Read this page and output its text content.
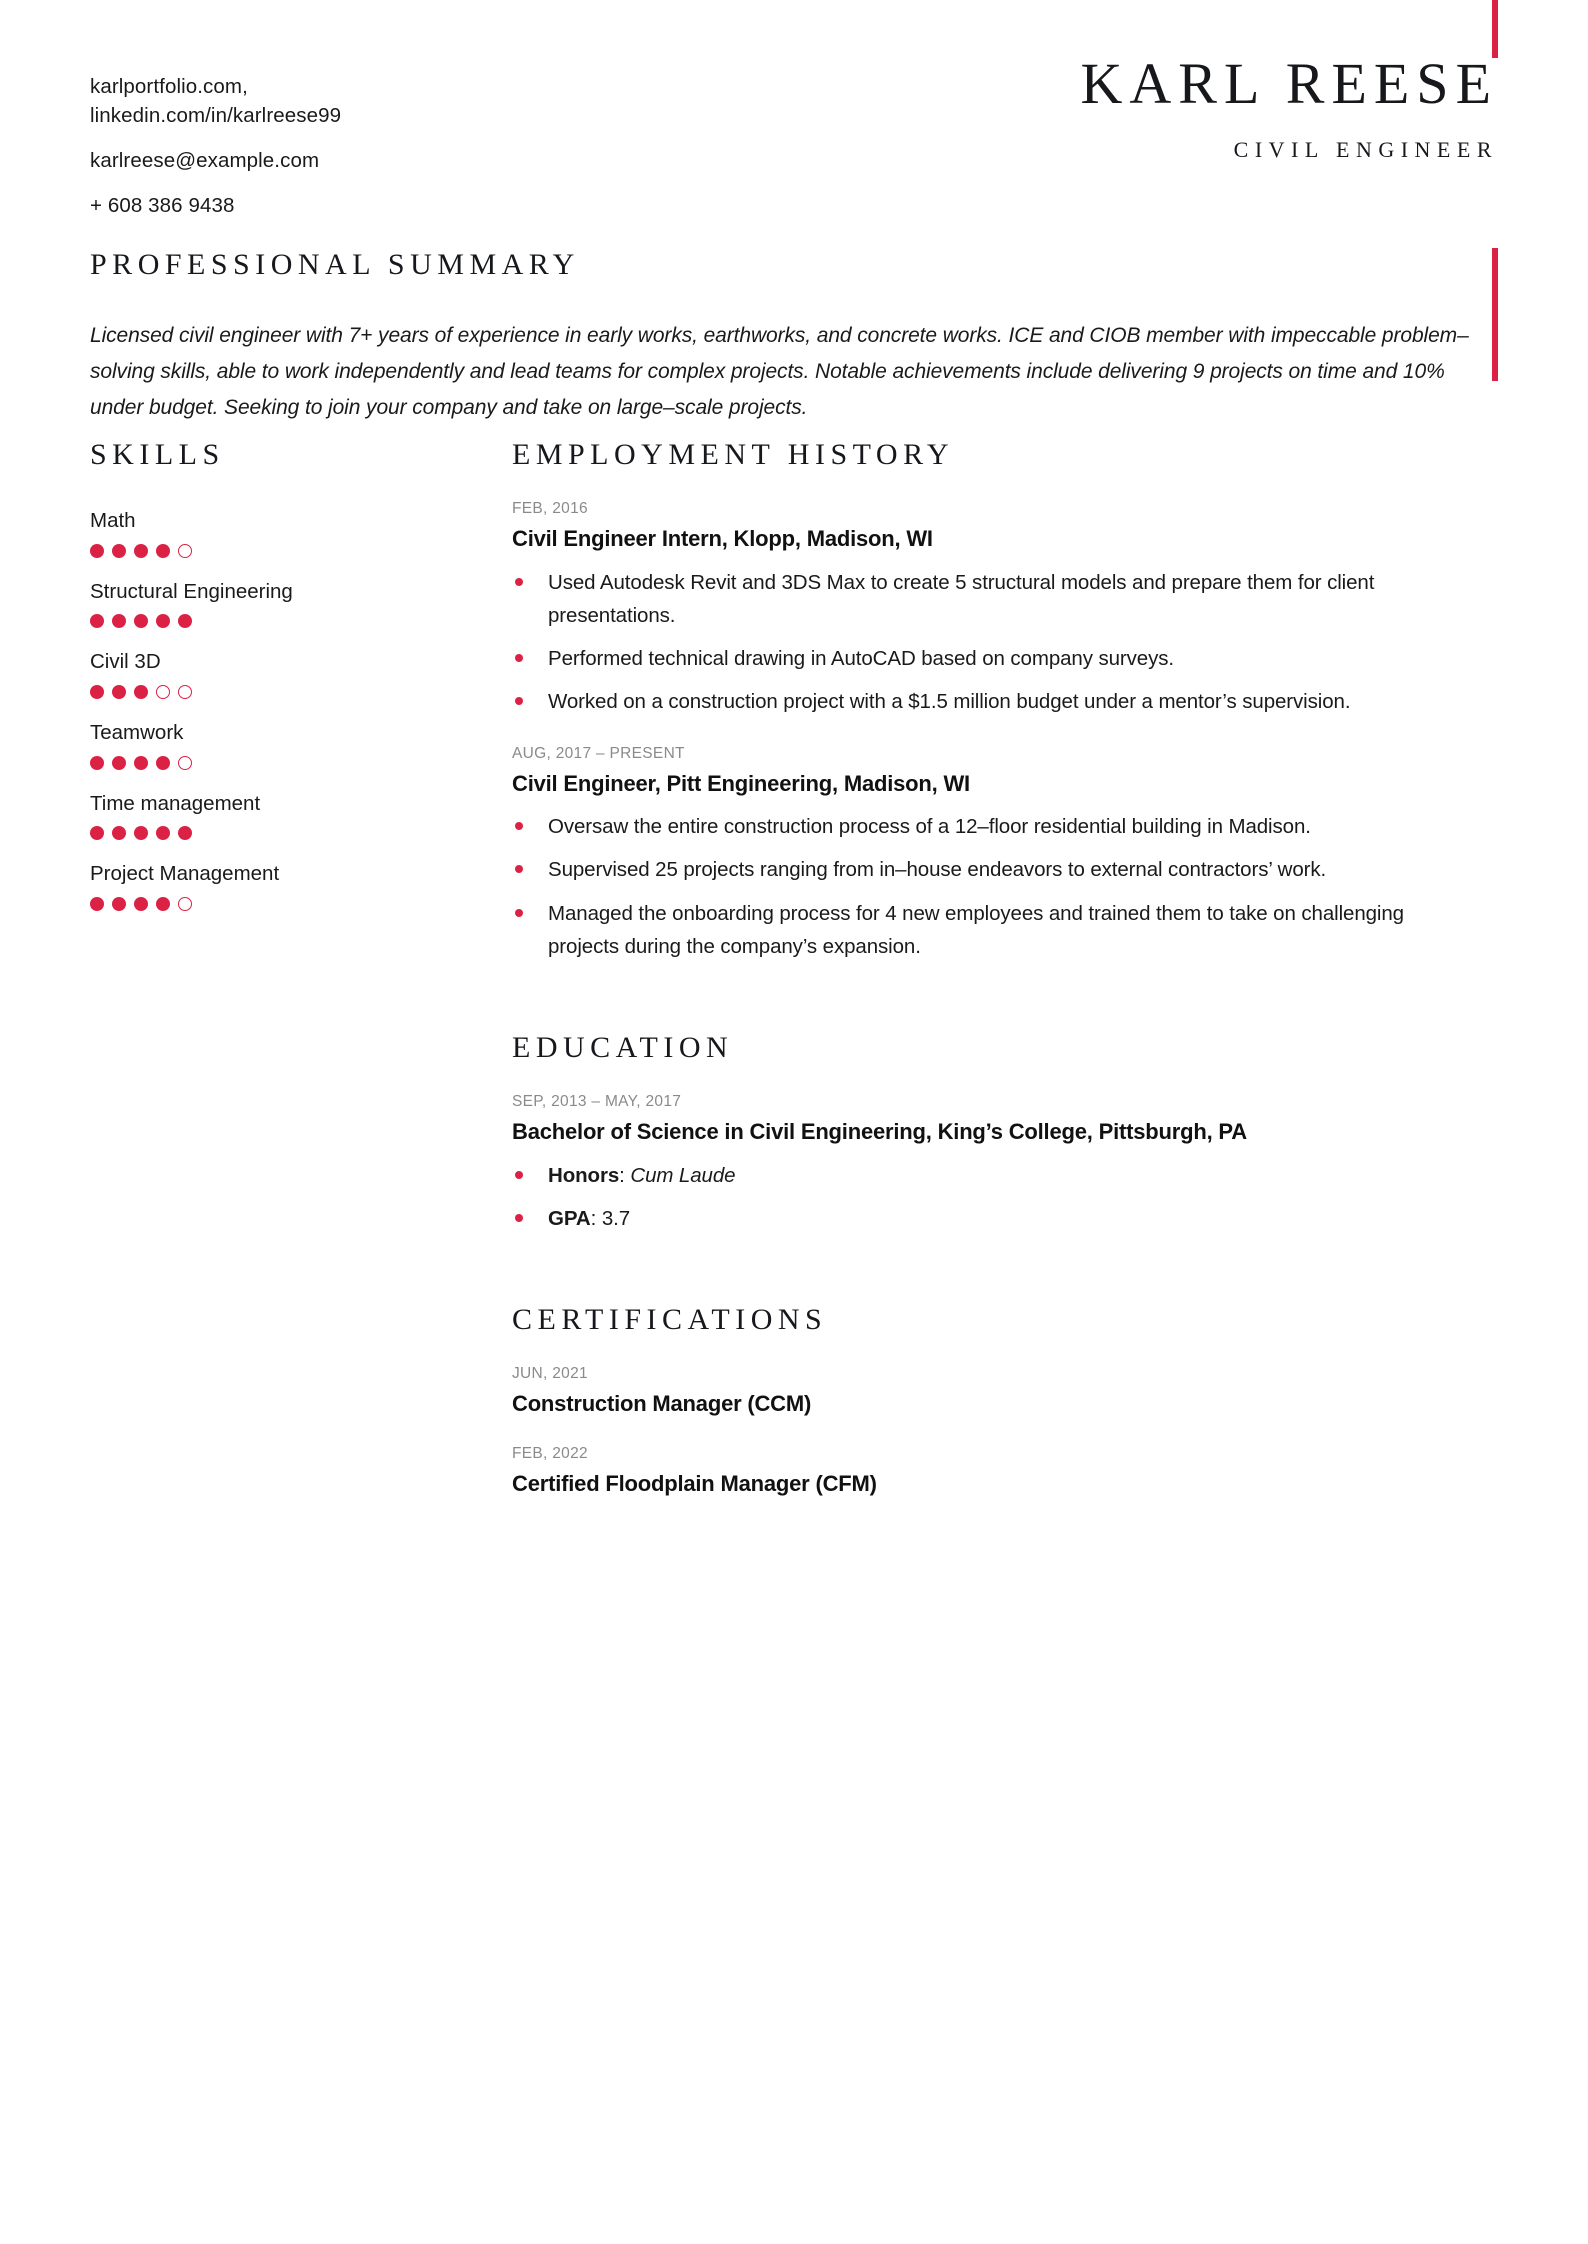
karlportfolio.com,
linkedin.com/in/karlreese99
karlreese@example.com
+ 608 386 9438
KARL REESE
CIVIL ENGINEER
PROFESSIONAL SUMMARY
Licensed civil engineer with 7+ years of experience in early works, earthworks, and concrete works. ICE and CIOB member with impeccable problem–solving skills, able to work independently and lead teams for complex projects. Notable achievements include delivering 9 projects on time and 10% under budget. Seeking to join your company and take on large–scale projects.
SKILLS
Math
Structural Engineering
Civil 3D
Teamwork
Time management
Project Management
EMPLOYMENT HISTORY
FEB, 2016
Civil Engineer Intern, Klopp, Madison, WI
Used Autodesk Revit and 3DS Max to create 5 structural models and prepare them for client presentations.
Performed technical drawing in AutoCAD based on company surveys.
Worked on a construction project with a $1.5 million budget under a mentor’s supervision.
AUG, 2017 – PRESENT
Civil Engineer, Pitt Engineering, Madison, WI
Oversaw the entire construction process of a 12–floor residential building in Madison.
Supervised 25 projects ranging from in–house endeavors to external contractors’ work.
Managed the onboarding process for 4 new employees and trained them to take on challenging projects during the company’s expansion.
EDUCATION
SEP, 2013 – MAY, 2017
Bachelor of Science in Civil Engineering, King’s College, Pittsburgh, PA
Honors: Cum Laude
GPA: 3.7
CERTIFICATIONS
JUN, 2021
Construction Manager (CCM)
FEB, 2022
Certified Floodplain Manager (CFM)
